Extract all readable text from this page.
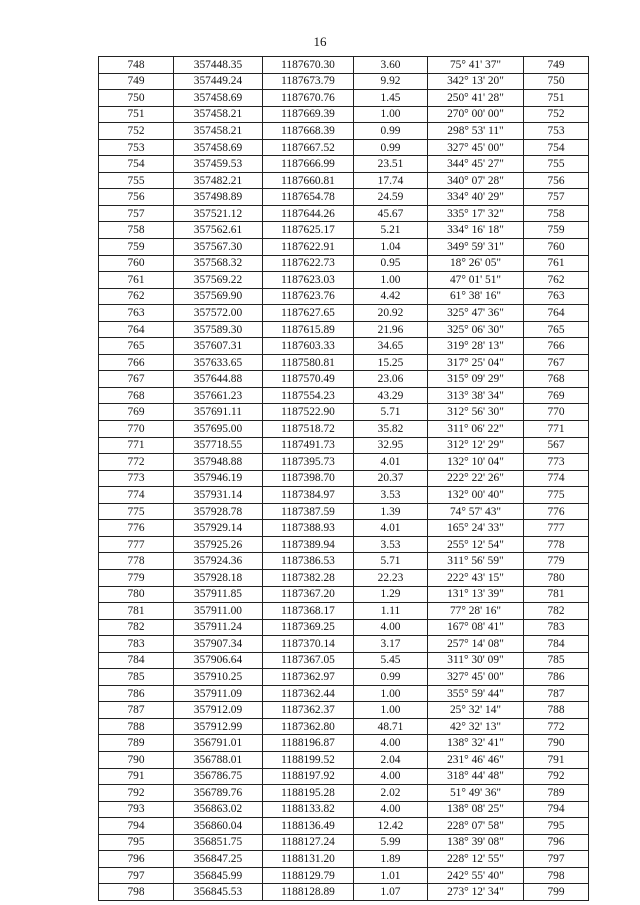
16
748	357448.35	1187670.30	3.60	75° 41' 37"	749
749	357449.24	1187673.79	9.92	342° 13' 20"	750
750	357458.69	1187670.76	1.45	250° 41' 28"	751
751	357458.21	1187669.39	1.00	270° 00' 00"	752
752	357458.21	1187668.39	0.99	298° 53' 11"	753
753	357458.69	1187667.52	0.99	327° 45' 00"	754
754	357459.53	1187666.99	23.51	344° 45' 27"	755
755	357482.21	1187660.81	17.74	340° 07' 28"	756
756	357498.89	1187654.78	24.59	334° 40' 29"	757
757	357521.12	1187644.26	45.67	335° 17' 32"	758
758	357562.61	1187625.17	5.21	334° 16' 18"	759
759	357567.30	1187622.91	1.04	349° 59' 31"	760
760	357568.32	1187622.73	0.95	18° 26' 05"	761
761	357569.22	1187623.03	1.00	47° 01' 51"	762
762	357569.90	1187623.76	4.42	61° 38' 16"	763
763	357572.00	1187627.65	20.92	325° 47' 36"	764
764	357589.30	1187615.89	21.96	325° 06' 30"	765
765	357607.31	1187603.33	34.65	319° 28' 13"	766
766	357633.65	1187580.81	15.25	317° 25' 04"	767
767	357644.88	1187570.49	23.06	315° 09' 29"	768
768	357661.23	1187554.23	43.29	313° 38' 34"	769
769	357691.11	1187522.90	5.71	312° 56' 30"	770
770	357695.00	1187518.72	35.82	311° 06' 22"	771
771	357718.55	1187491.73	32.95	312° 12' 29"	567
772	357948.88	1187395.73	4.01	132° 10' 04"	773
773	357946.19	1187398.70	20.37	222° 22' 26"	774
774	357931.14	1187384.97	3.53	132° 00' 40"	775
775	357928.78	1187387.59	1.39	74° 57' 43"	776
776	357929.14	1187388.93	4.01	165° 24' 33"	777
777	357925.26	1187389.94	3.53	255° 12' 54"	778
778	357924.36	1187386.53	5.71	311° 56' 59"	779
779	357928.18	1187382.28	22.23	222° 43' 15"	780
780	357911.85	1187367.20	1.29	131° 13' 39"	781
781	357911.00	1187368.17	1.11	77° 28' 16"	782
782	357911.24	1187369.25	4.00	167° 08' 41"	783
783	357907.34	1187370.14	3.17	257° 14' 08"	784
784	357906.64	1187367.05	5.45	311° 30' 09"	785
785	357910.25	1187362.97	0.99	327° 45' 00"	786
786	357911.09	1187362.44	1.00	355° 59' 44"	787
787	357912.09	1187362.37	1.00	25° 32' 14"	788
788	357912.99	1187362.80	48.71	42° 32' 13"	772
789	356791.01	1188196.87	4.00	138° 32' 41"	790
790	356788.01	1188199.52	2.04	231° 46' 46"	791
791	356786.75	1188197.92	4.00	318° 44' 48"	792
792	356789.76	1188195.28	2.02	51° 49' 36"	789
793	356863.02	1188133.82	4.00	138° 08' 25"	794
794	356860.04	1188136.49	12.42	228° 07' 58"	795
795	356851.75	1188127.24	5.99	138° 39' 08"	796
796	356847.25	1188131.20	1.89	228° 12' 55"	797
797	356845.99	1188129.79	1.01	242° 55' 40"	798
798	356845.53	1188128.89	1.07	273° 12' 34"	799
